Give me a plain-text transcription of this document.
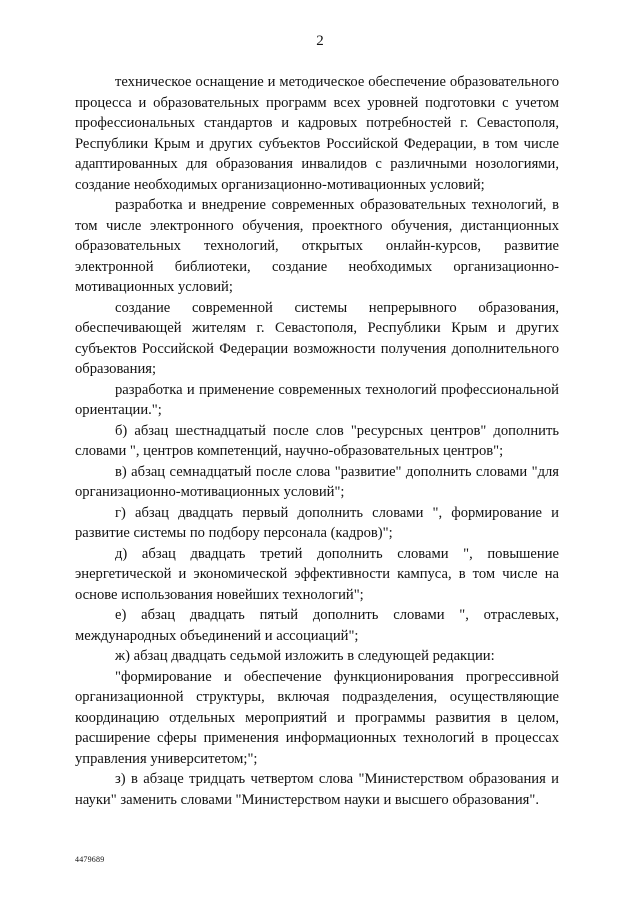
2

техническое оснащение и методическое обеспечение образовательного процесса и образовательных программ всех уровней подготовки с учетом профессиональных стандартов и кадровых потребностей г. Севастополя, Республики Крым и других субъектов Российской Федерации, в том числе адаптированных для образования инвалидов с различными нозологиями, создание необходимых организационно-мотивационных условий;

разработка и внедрение современных образовательных технологий, в том числе электронного обучения, проектного обучения, дистанционных образовательных технологий, открытых онлайн-курсов, развитие электронной библиотеки, создание необходимых организационно-мотивационных условий;

создание современной системы непрерывного образования, обеспечивающей жителям г. Севастополя, Республики Крым и других субъектов Российской Федерации возможности получения дополнительного образования;

разработка и применение современных технологий профессиональной ориентации.";

б) абзац шестнадцатый после слов "ресурсных центров" дополнить словами ", центров компетенций, научно-образовательных центров";

в) абзац семнадцатый после слова "развитие" дополнить словами "для организационно-мотивационных условий";

г) абзац двадцать первый дополнить словами ", формирование и развитие системы по подбору персонала (кадров)";

д) абзац двадцать третий дополнить словами ", повышение энергетической и экономической эффективности кампуса, в том числе на основе использования новейших технологий";

е) абзац двадцать пятый дополнить словами ", отраслевых, международных объединений и ассоциаций";

ж) абзац двадцать седьмой изложить в следующей редакции:

"формирование и обеспечение функционирования прогрессивной организационной структуры, включая подразделения, осуществляющие координацию отдельных мероприятий и программы развития в целом, расширение сферы применения информационных технологий в процессах управления университетом;";

з) в абзаце тридцать четвертом слова "Министерством образования и науки" заменить словами "Министерством науки и высшего образования".

4479689
